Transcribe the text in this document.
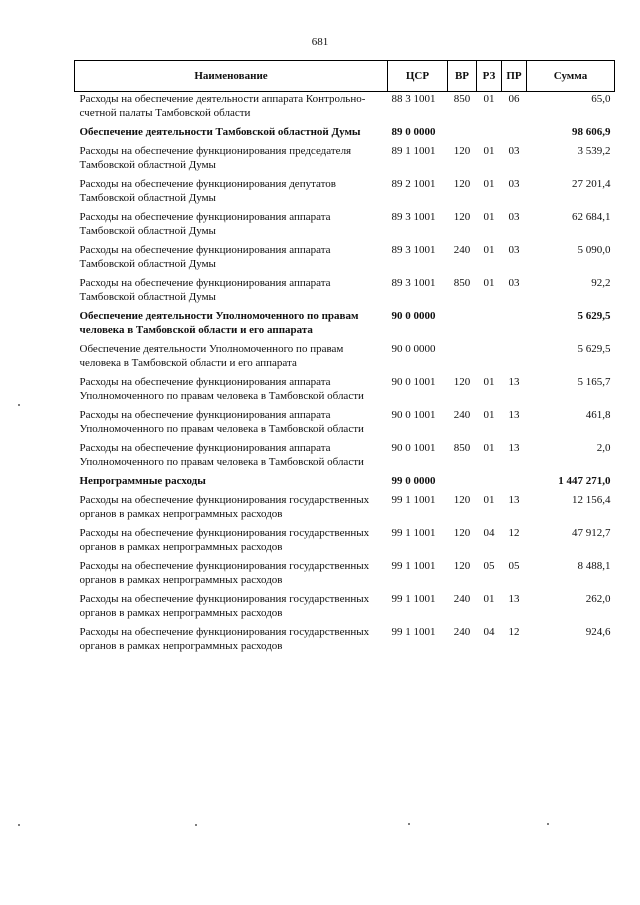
681
Наименование	ЦСР	ВР	РЗ	ПР	Сумма
Расходы на обеспечение деятельности аппарата Контрольно-счетной палаты Тамбовской области	88 3 1001	850	01	06	65,0
Обеспечение деятельности Тамбовской областной Думы	89 0 0000				98 606,9
Расходы на обеспечение функционирования председателя Тамбовской областной Думы	89 1 1001	120	01	03	3 539,2
Расходы на обеспечение функционирования депутатов Тамбовской областной Думы	89 2 1001	120	01	03	27 201,4
Расходы на обеспечение функционирования аппарата Тамбовской областной Думы	89 3 1001	120	01	03	62 684,1
Расходы на обеспечение функционирования аппарата Тамбовской областной Думы	89 3 1001	240	01	03	5 090,0
Расходы на обеспечение функционирования аппарата Тамбовской областной Думы	89 3 1001	850	01	03	92,2
Обеспечение деятельности Уполномоченного по правам человека в Тамбовской области и его аппарата	90 0 0000				5 629,5
Обеспечение деятельности Уполномоченного по правам человека в Тамбовской области и его аппарата	90 0 0000				5 629,5
Расходы на обеспечение функционирования аппарата Уполномоченного по правам человека в Тамбовской области	90 0 1001	120	01	13	5 165,7
Расходы на обеспечение функционирования аппарата Уполномоченного по правам человека в Тамбовской области	90 0 1001	240	01	13	461,8
Расходы на обеспечение функционирования аппарата Уполномоченного по правам человека в Тамбовской области	90 0 1001	850	01	13	2,0
Непрограммные расходы	99 0 0000				1 447 271,0
Расходы на обеспечение функционирования государственных органов в рамках непрограммных расходов	99 1 1001	120	01	13	12 156,4
Расходы на обеспечение функционирования государственных органов в рамках непрограммных расходов	99 1 1001	120	04	12	47 912,7
Расходы на обеспечение функционирования государственных органов в рамках непрограммных расходов	99 1 1001	120	05	05	8 488,1
Расходы на обеспечение функционирования государственных органов в рамках непрограммных расходов	99 1 1001	240	01	13	262,0
Расходы на обеспечение функционирования государственных органов в рамках непрограммных расходов	99 1 1001	240	04	12	924,6
